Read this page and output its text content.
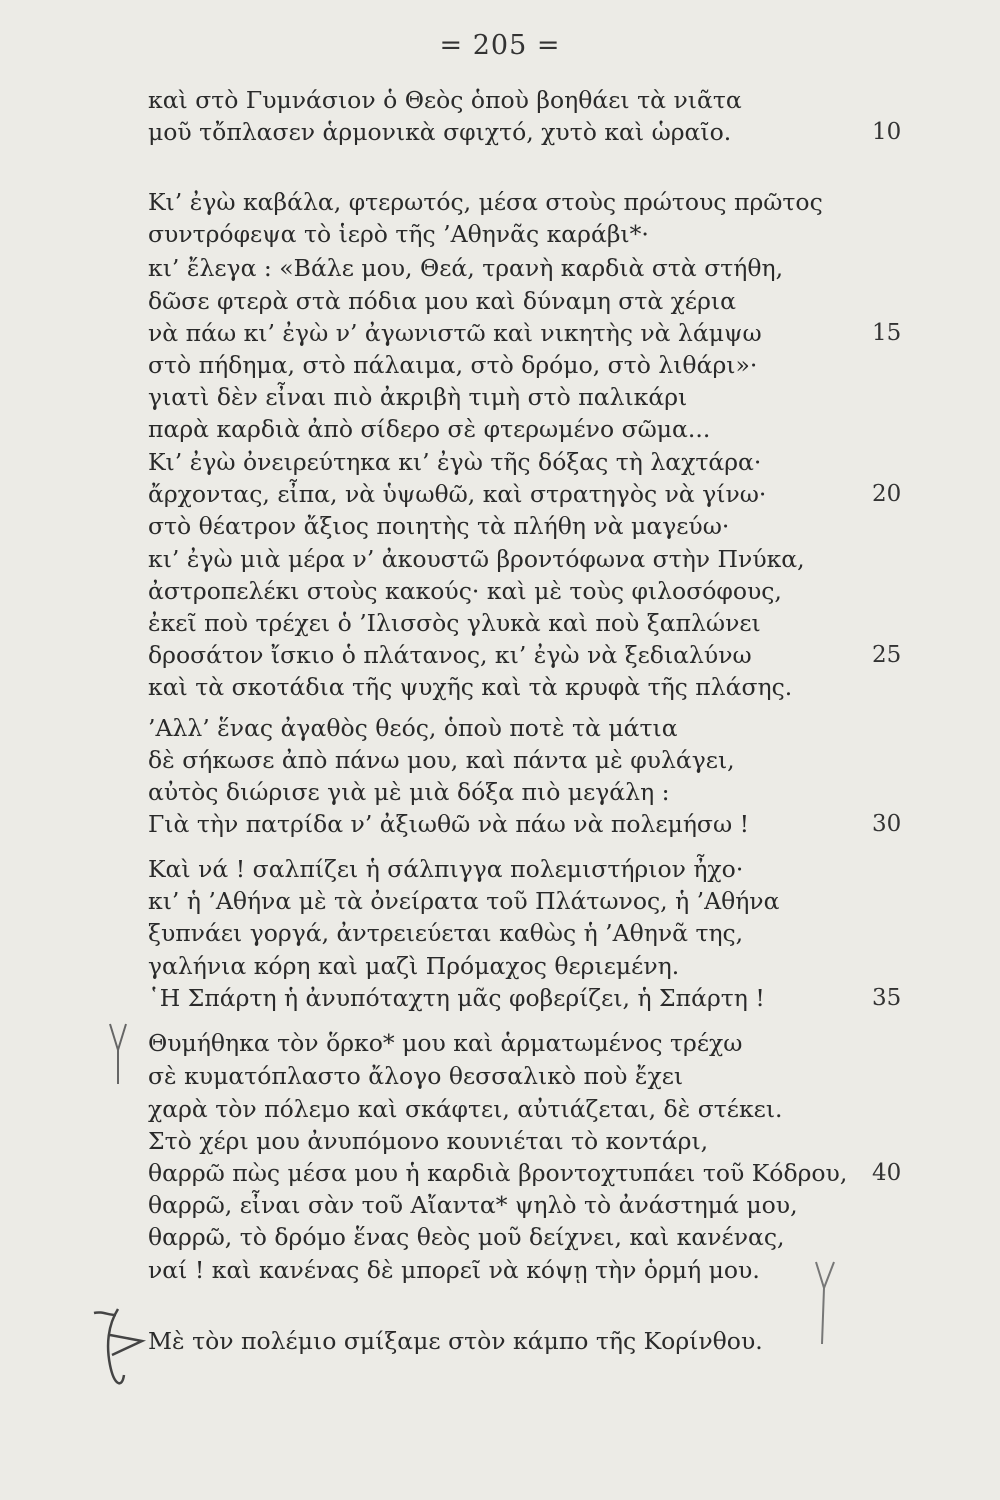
= 205 =
καὶ στὸ Γυμνάσιον ὁ Θεὸς ὁποὺ βοηθάει τὰ νιᾶτα
μοῦ τὄπλασεν ἁρμονικὰ σφιχτό, χυτὸ καὶ ὡραῖο.
Κι’ ἐγὼ καβάλα, φτερωτός, μέσα στοὺς πρώτους πρῶτος
συντρόφεψα τὸ ἱερὸ τῆς ’Αθηνᾶς καράβι*·
κι’ ἔλεγα : «Βάλε μου, Θεά, τρανὴ καρδιὰ στὰ στήθη,
δῶσε φτερὰ στὰ πόδια μου καὶ δύναμη στὰ χέρια
νὰ πάω κι’ ἐγὼ ν’ ἀγωνιστῶ καὶ νικητὴς νὰ λάμψω
στὸ πήδημα, στὸ πάλαιμα, στὸ δρόμο, στὸ λιθάρι»·
γιατὶ δὲν εἶναι πιὸ ἀκριβὴ τιμὴ στὸ παλικάρι
παρὰ καρδιὰ ἀπὸ σίδερο σὲ φτερωμένο σῶμα...
Κι’ ἐγὼ ὀνειρεύτηκα κι’ ἐγὼ τῆς δόξας τὴ λαχτάρα·
ἄρχοντας, εἶπα, νὰ ὑψωθῶ, καὶ στρατηγὸς νὰ γίνω·
στὸ θέατρον ἄξιος ποιητὴς τὰ πλήθη νὰ μαγεύω·
κι’ ἐγὼ μιὰ μέρα ν’ ἀκουστῶ βροντόφωνα στὴν Πνύκα,
ἀστροπελέκι στοὺς κακούς· καὶ μὲ τοὺς φιλοσόφους,
ἐκεῖ ποὺ τρέχει ὁ ’Ιλισσὸς γλυκὰ καὶ ποὺ ξαπλώνει
δροσάτον ἴσκιο ὁ πλάτανος, κι’ ἐγὼ νὰ ξεδιαλύνω
καὶ τὰ σκοτάδια τῆς ψυχῆς καὶ τὰ κρυφὰ τῆς πλάσης.
’Αλλ’ ἕνας ἀγαθὸς θεός, ὁποὺ ποτὲ τὰ μάτια
δὲ σήκωσε ἀπὸ πάνω μου, καὶ πάντα μὲ φυλάγει,
αὐτὸς διώρισε γιὰ μὲ μιὰ δόξα πιὸ μεγάλη :
Γιὰ τὴν πατρίδα ν’ ἀξιωθῶ νὰ πάω νὰ πολεμήσω !
Καὶ νά ! σαλπίζει ἡ σάλπιγγα πολεμιστήριον ἦχο·
κι’ ἡ ’Αθήνα μὲ τὰ ὀνείρατα τοῦ Πλάτωνος, ἡ ’Αθήνα
ξυπνάει γοργά, ἀντρειεύεται καθὼς ἡ ’Αθηνᾶ της,
γαλήνια κόρη καὶ μαζὶ Πρόμαχος θεριεμένη.
῾Η Σπάρτη ἡ ἀνυπόταχτη μᾶς φοβερίζει, ἡ Σπάρτη !
Θυμήθηκα τὸν ὅρκο* μου καὶ ἁρματωμένος τρέχω
σὲ κυματόπλαστο ἄλογο θεσσαλικὸ ποὺ ἔχει
χαρὰ τὸν πόλεμο καὶ σκάφτει, αὐτιάζεται, δὲ στέκει.
Στὸ χέρι μου ἀνυπόμονο κουνιέται τὸ κοντάρι,
θαρρῶ πὼς μέσα μου ἡ καρδιὰ βροντοχτυπάει τοῦ Κόδρου,
θαρρῶ, εἶναι σὰν τοῦ Αἴαντα* ψηλὸ τὸ ἀνάστημά μου,
θαρρῶ, τὸ δρόμο ἕνας θεὸς μοῦ δείχνει, καὶ κανένας,
ναί ! καὶ κανένας δὲ μπορεῖ νὰ κόψῃ τὴν ὁρμή μου.
Μὲ τὸν πολέμιο σμίξαμε στὸν κάμπο τῆς Κορίνθου.
10
15
20
25
30
35
40
